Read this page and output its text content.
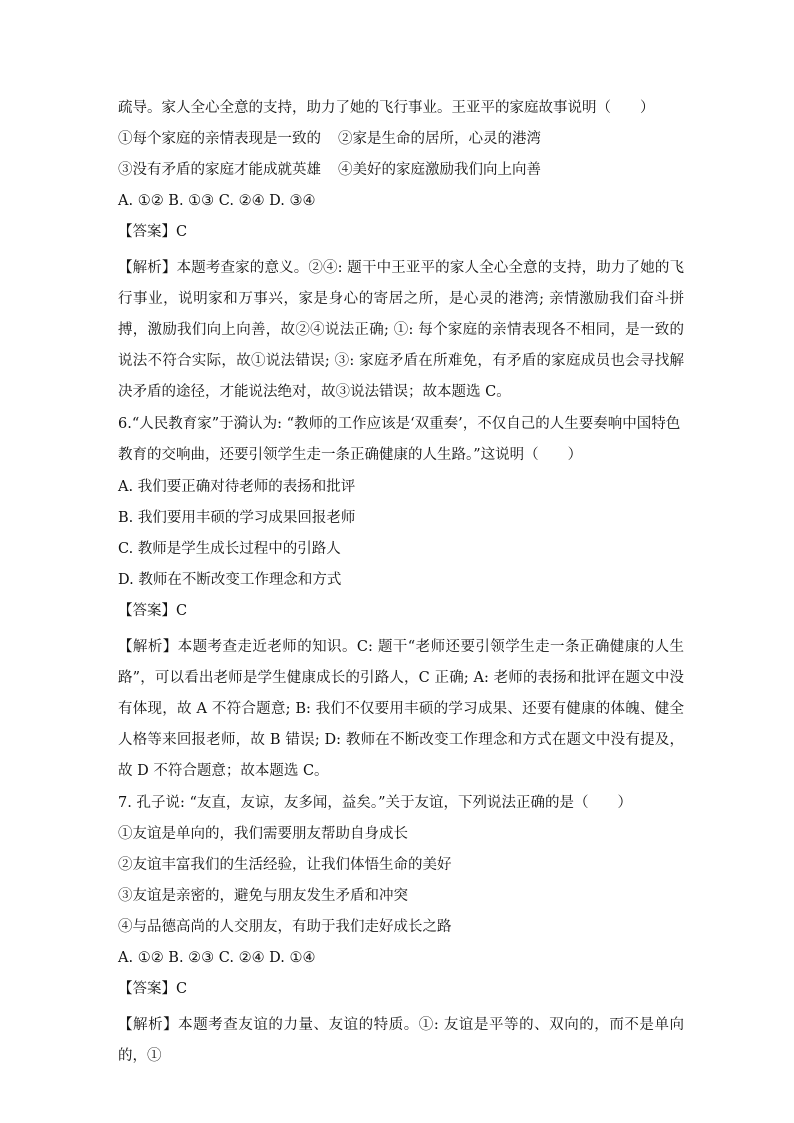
疏导。家人全心全意的支持，助力了她的飞行事业。王亚平的家庭故事说明（　　）
①每个家庭的亲情表现是一致的	②家是生命的居所，心灵的港湾
③没有矛盾的家庭才能成就英雄	④美好的家庭激励我们向上向善
A. ①② B. ①③ C. ②④ D. ③④
【答案】C
【解析】本题考查家的意义。②④: 题干中王亚平的家人全心全意的支持，助力了她的飞行事业，说明家和万事兴，家是身心的寄居之所，是心灵的港湾; 亲情激励我们奋斗拼搏，激励我们向上向善，故②④说法正确; ①: 每个家庭的亲情表现各不相同，是一致的说法不符合实际，故①说法错误; ③: 家庭矛盾在所难免，有矛盾的家庭成员也会寻找解决矛盾的途径，才能说法绝对，故③说法错误；故本题选 C。
6.“人民教育家”于漪认为: “教师的工作应该是‘双重奏’，不仅自己的人生要奏响中国特色教育的交响曲，还要引领学生走一条正确健康的人生路。”这说明（　　）
A. 我们要正确对待老师的表扬和批评
B. 我们要用丰硕的学习成果回报老师
C. 教师是学生成长过程中的引路人
D. 教师在不断改变工作理念和方式
【答案】C
【解析】本题考查走近老师的知识。C: 题干“老师还要引领学生走一条正确健康的人生路”，可以看出老师是学生健康成长的引路人，C 正确; A: 老师的表扬和批评在题文中没有体现，故 A 不符合题意; B: 我们不仅要用丰硕的学习成果、还要有健康的体魄、健全人格等来回报老师，故 B 错误; D: 教师在不断改变工作理念和方式在题文中没有提及，故 D 不符合题意；故本题选 C。
7. 孔子说: “友直，友谅，友多闻，益矣。”关于友谊，下列说法正确的是（　　）
①友谊是单向的，我们需要朋友帮助自身成长
②友谊丰富我们的生活经验，让我们体悟生命的美好
③友谊是亲密的，避免与朋友发生矛盾和冲突
④与品德高尚的人交朋友，有助于我们走好成长之路
A. ①② B. ②③ C. ②④ D. ①④
【答案】C
【解析】本题考查友谊的力量、友谊的特质。①: 友谊是平等的、双向的，而不是单向的，①
